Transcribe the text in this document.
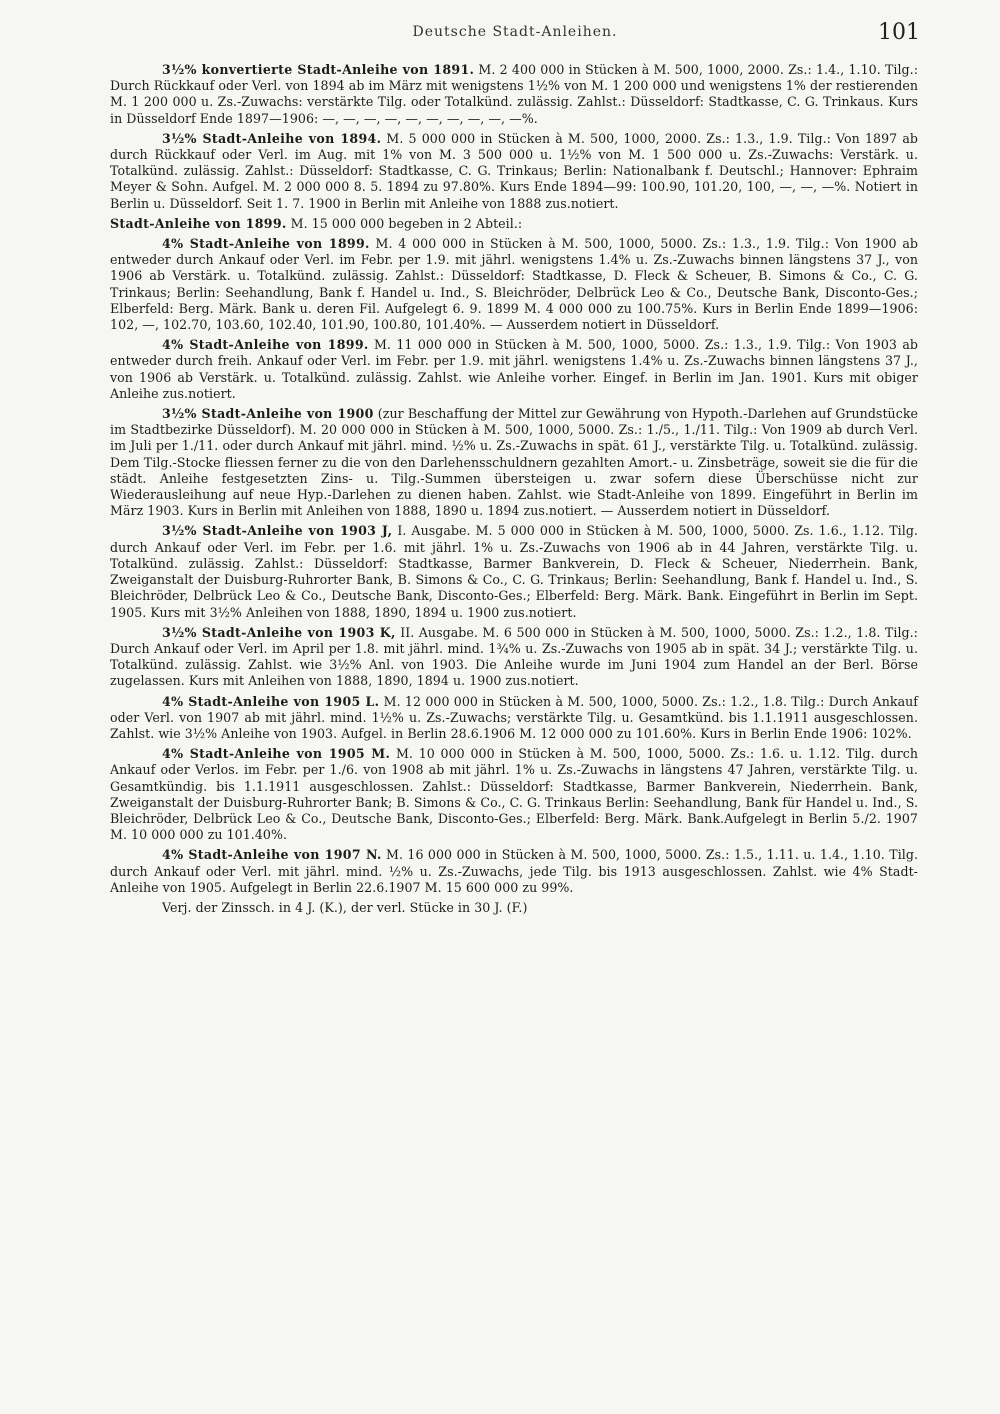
Deutsche Stadt-Anleihen.	101

3½% konvertierte Stadt-Anleihe von 1891. M. 2 400 000 in Stücken à M. 500, 1000, 2000. Zs.: 1.4., 1.10. Tilg.: Durch Rückkauf oder Verl. von 1894 ab im März mit wenigstens 1½% von M. 1 200 000 und wenigstens 1% der restierenden M. 1 200 000 u. Zs.-Zuwachs: verstärkte Tilg. oder Totalkünd. zulässig. Zahlst.: Düsseldorf: Stadtkasse, C. G. Trinkaus. Kurs in Düsseldorf Ende 1897—1906: —, —, —, —, —, —, —, —, —, —%.

3½% Stadt-Anleihe von 1894. M. 5 000 000 in Stücken à M. 500, 1000, 2000. Zs.: 1.3., 1.9. Tilg.: Von 1897 ab durch Rückkauf oder Verl. im Aug. mit 1% von M. 3 500 000 u. 1½% von M. 1 500 000 u. Zs.-Zuwachs: Verstärk. u. Totalkünd. zulässig. Zahlst.: Düsseldorf: Stadtkasse, C. G. Trinkaus; Berlin: Nationalbank f. Deutschl.; Hannover: Ephraim Meyer & Sohn. Aufgel. M. 2 000 000 8. 5. 1894 zu 97.80%. Kurs Ende 1894—99: 100.90, 101.20, 100, —, —, —%. Notiert in Berlin u. Düsseldorf. Seit 1. 7. 1900 in Berlin mit Anleihe von 1888 zus.notiert.

Stadt-Anleihe von 1899. M. 15 000 000 begeben in 2 Abteil.:

4% Stadt-Anleihe von 1899. M. 4 000 000 in Stücken à M. 500, 1000, 5000. Zs.: 1.3., 1.9. Tilg.: Von 1900 ab entweder durch Ankauf oder Verl. im Febr. per 1.9. mit jährl. wenigstens 1.4% u. Zs.-Zuwachs binnen längstens 37 J., von 1906 ab Verstärk. u. Totalkünd. zulässig. Zahlst.: Düsseldorf: Stadtkasse, D. Fleck & Scheuer, B. Simons & Co., C. G. Trinkaus; Berlin: Seehandlung, Bank f. Handel u. Ind., S. Bleichröder, Delbrück Leo & Co., Deutsche Bank, Disconto-Ges.; Elberfeld: Berg. Märk. Bank u. deren Fil. Aufgelegt 6. 9. 1899 M. 4 000 000 zu 100.75%. Kurs in Berlin Ende 1899—1906: 102, —, 102.70, 103.60, 102.40, 101.90, 100.80, 101.40%. — Ausserdem notiert in Düsseldorf.

4% Stadt-Anleihe von 1899. M. 11 000 000 in Stücken à M. 500, 1000, 5000. Zs.: 1.3., 1.9. Tilg.: Von 1903 ab entweder durch freih. Ankauf oder Verl. im Febr. per 1.9. mit jährl. wenigstens 1.4% u. Zs.-Zuwachs binnen längstens 37 J., von 1906 ab Verstärk. u. Totalkünd. zulässig. Zahlst. wie Anleihe vorher. Eingef. in Berlin im Jan. 1901. Kurs mit obiger Anleihe zus.notiert.

3½% Stadt-Anleihe von 1900 (zur Beschaffung der Mittel zur Gewährung von Hypoth.-Darlehen auf Grundstücke im Stadtbezirke Düsseldorf). M. 20 000 000 in Stücken à M. 500, 1000, 5000. Zs.: 1./5., 1./11. Tilg.: Von 1909 ab durch Verl. im Juli per 1./11. oder durch Ankauf mit jährl. mind. ½% u. Zs.-Zuwachs in spät. 61 J., verstärkte Tilg. u. Totalkünd. zulässig. Dem Tilg.-Stocke fliessen ferner zu die von den Darlehensschuldnern gezahlten Amort.- u. Zinsbeträge, soweit sie die für die städt. Anleihe festgesetzten Zins- u. Tilg.-Summen übersteigen u. zwar sofern diese Überschüsse nicht zur Wiederausleihung auf neue Hyp.-Darlehen zu dienen haben. Zahlst. wie Stadt-Anleihe von 1899. Eingeführt in Berlin im März 1903. Kurs in Berlin mit Anleihen von 1888, 1890 u. 1894 zus.notiert. — Ausserdem notiert in Düsseldorf.

3½% Stadt-Anleihe von 1903 J, I. Ausgabe. M. 5 000 000 in Stücken à M. 500, 1000, 5000. Zs. 1.6., 1.12. Tilg. durch Ankauf oder Verl. im Febr. per 1.6. mit jährl. 1% u. Zs.-Zuwachs von 1906 ab in 44 Jahren, verstärkte Tilg. u. Totalkünd. zulässig. Zahlst.: Düsseldorf: Stadtkasse, Barmer Bankverein, D. Fleck & Scheuer, Niederrhein. Bank, Zweiganstalt der Duisburg-Ruhrorter Bank, B. Simons & Co., C. G. Trinkaus; Berlin: Seehandlung, Bank f. Handel u. Ind., S. Bleichröder, Delbrück Leo & Co., Deutsche Bank, Disconto-Ges.; Elberfeld: Berg. Märk. Bank. Eingeführt in Berlin im Sept. 1905. Kurs mit 3½% Anleihen von 1888, 1890, 1894 u. 1900 zus.notiert.

3½% Stadt-Anleihe von 1903 K, II. Ausgabe. M. 6 500 000 in Stücken à M. 500, 1000, 5000. Zs.: 1.2., 1.8. Tilg.: Durch Ankauf oder Verl. im April per 1.8. mit jährl. mind. 1¾% u. Zs.-Zuwachs von 1905 ab in spät. 34 J.; verstärkte Tilg. u. Totalkünd. zulässig. Zahlst. wie 3½% Anl. von 1903. Die Anleihe wurde im Juni 1904 zum Handel an der Berl. Börse zugelassen. Kurs mit Anleihen von 1888, 1890, 1894 u. 1900 zus.notiert.

4% Stadt-Anleihe von 1905 L. M. 12 000 000 in Stücken à M. 500, 1000, 5000. Zs.: 1.2., 1.8. Tilg.: Durch Ankauf oder Verl. von 1907 ab mit jährl. mind. 1½% u. Zs.-Zuwachs; verstärkte Tilg. u. Gesamtkünd. bis 1.1.1911 ausgeschlossen. Zahlst. wie 3½% Anleihe von 1903. Aufgel. in Berlin 28.6.1906 M. 12 000 000 zu 101.60%. Kurs in Berlin Ende 1906: 102%.

4% Stadt-Anleihe von 1905 M. M. 10 000 000 in Stücken à M. 500, 1000, 5000. Zs.: 1.6. u. 1.12. Tilg. durch Ankauf oder Verlos. im Febr. per 1./6. von 1908 ab mit jährl. 1% u. Zs.-Zuwachs in längstens 47 Jahren, verstärkte Tilg. u. Gesamtkündig. bis 1.1.1911 ausgeschlossen. Zahlst.: Düsseldorf: Stadtkasse, Barmer Bankverein, Niederrhein. Bank, Zweiganstalt der Duisburg-Ruhrorter Bank; B. Simons & Co., C. G. Trinkaus Berlin: Seehandlung, Bank für Handel u. Ind., S. Bleichröder, Delbrück Leo & Co., Deutsche Bank, Disconto-Ges.; Elberfeld: Berg. Märk. Bank.Aufgelegt in Berlin 5./2. 1907 M. 10 000 000 zu 101.40%.

4% Stadt-Anleihe von 1907 N. M. 16 000 000 in Stücken à M. 500, 1000, 5000. Zs.: 1.5., 1.11. u. 1.4., 1.10. Tilg. durch Ankauf oder Verl. mit jährl. mind. ½% u. Zs.-Zuwachs, jede Tilg. bis 1913 ausgeschlossen. Zahlst. wie 4% Stadt-Anleihe von 1905. Aufgelegt in Berlin 22.6.1907 M. 15 600 000 zu 99%.

Verj. der Zinssch. in 4 J. (K.), der verl. Stücke in 30 J. (F.)
